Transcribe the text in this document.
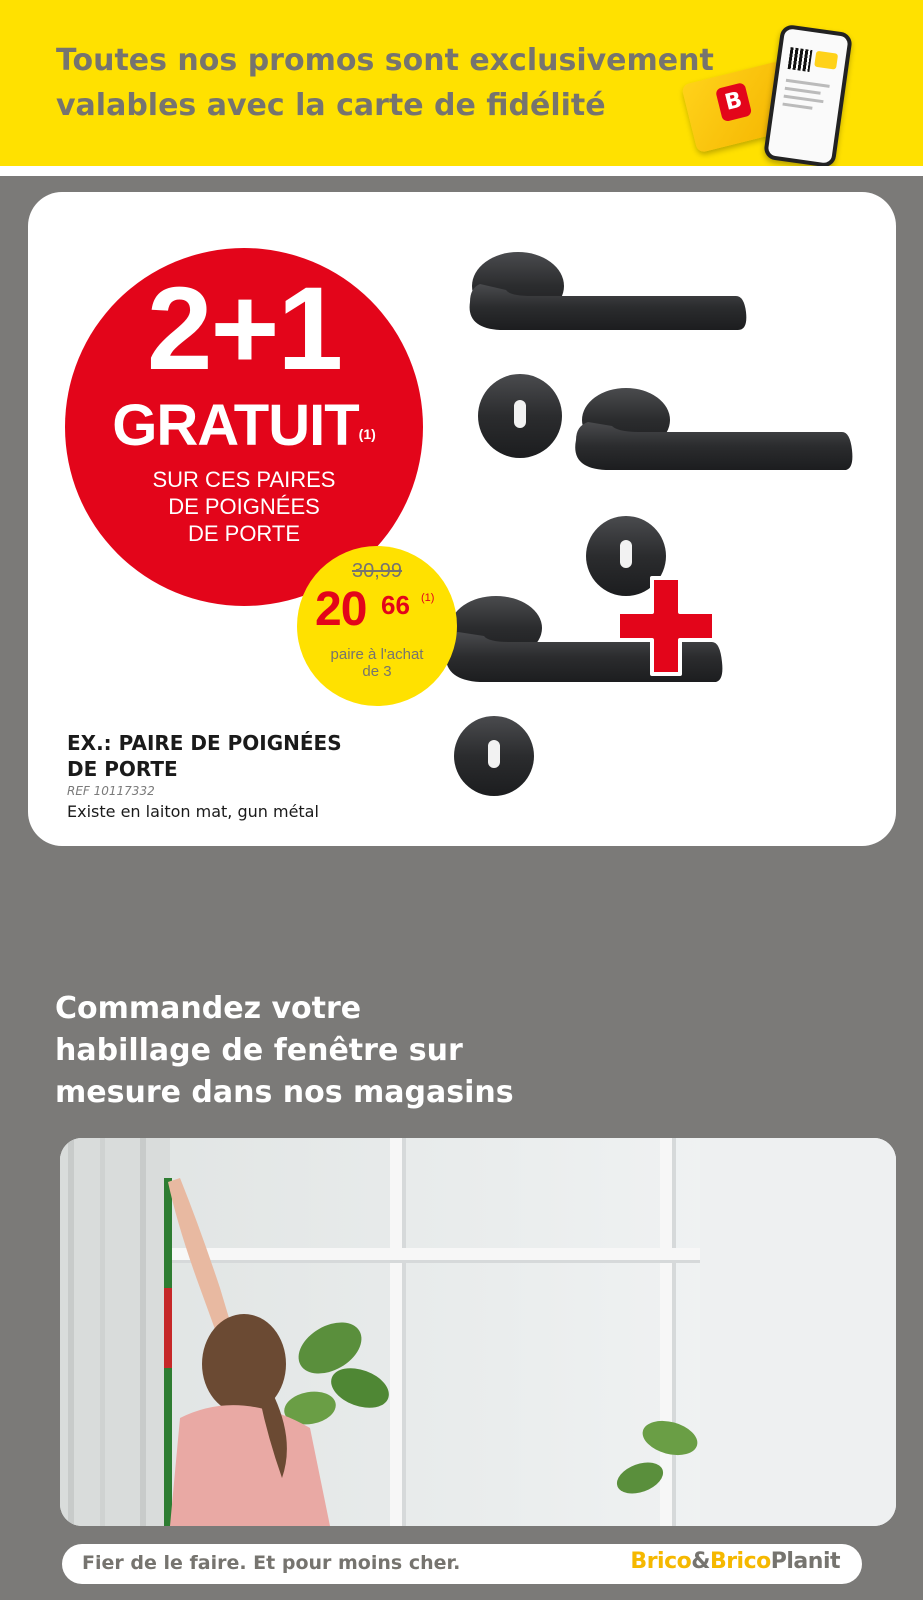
Toutes nos promos sont exclusivement
valables avec la carte de fidélité	B
2+1
GRATUIT$^{(1)}$
SUR CES PAIRES
DE POIGNÉES
DE PORTE
30,99
20 66 (1)
paire à l'achat
de 3
EX.: PAIRE DE POIGNÉES
DE PORTE
REF 10117332
Existe en laiton mat, gun métal
Commandez votre
habillage de fenêtre sur
mesure dans nos magasins
Fier de le faire. Et pour moins cher.	Brico&BricoPlanit
